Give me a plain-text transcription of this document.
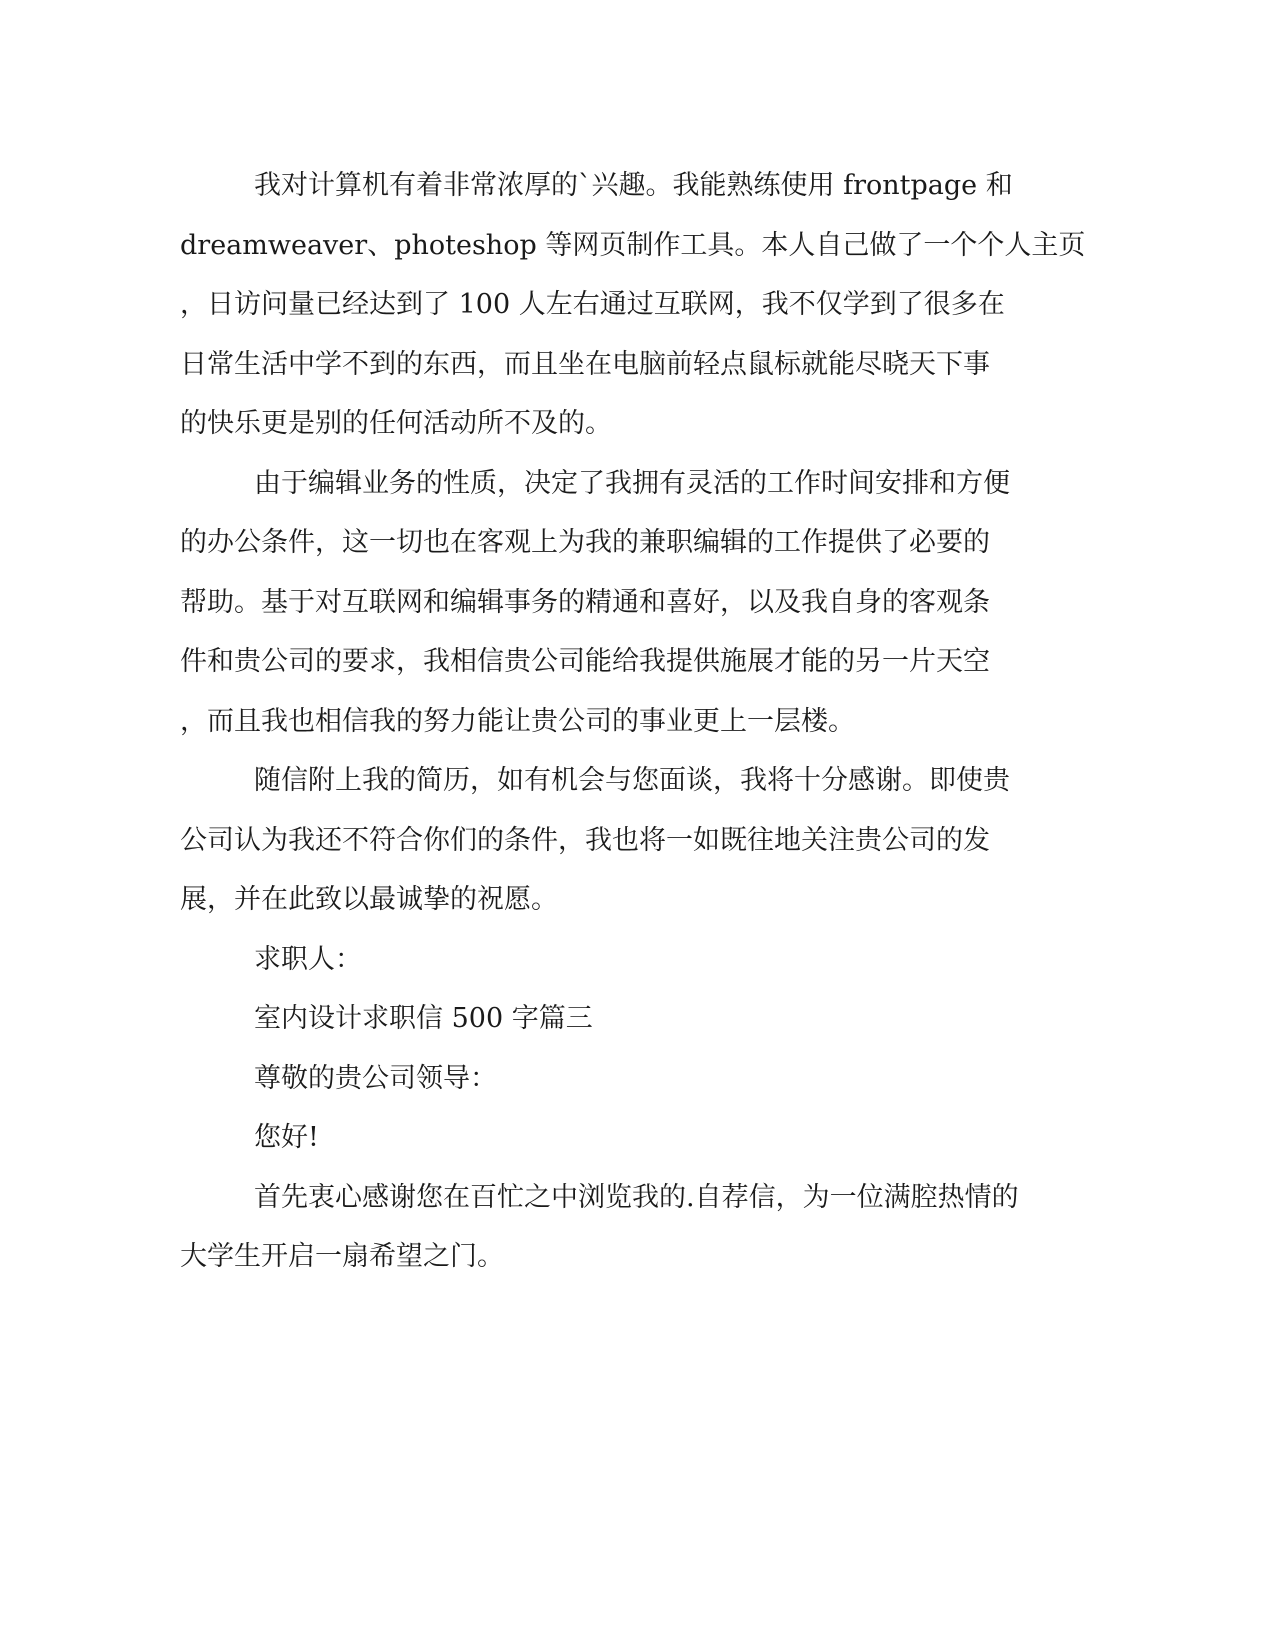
我对计算机有着非常浓厚的`兴趣。我能熟练使用 frontpage 和
dreamweaver、photeshop 等网页制作工具。本人自己做了一个个人主页
，日访问量已经达到了 100 人左右通过互联网，我不仅学到了很多在
日常生活中学不到的东西，而且坐在电脑前轻点鼠标就能尽晓天下事
的快乐更是别的任何活动所不及的。
由于编辑业务的性质，决定了我拥有灵活的工作时间安排和方便
的办公条件，这一切也在客观上为我的兼职编辑的工作提供了必要的
帮助。基于对互联网和编辑事务的精通和喜好，以及我自身的客观条
件和贵公司的要求，我相信贵公司能给我提供施展才能的另一片天空
，而且我也相信我的努力能让贵公司的事业更上一层楼。
随信附上我的简历，如有机会与您面谈，我将十分感谢。即使贵
公司认为我还不符合你们的条件，我也将一如既往地关注贵公司的发
展，并在此致以最诚挚的祝愿。
求职人：
室内设计求职信 500 字篇三
尊敬的贵公司领导：
您好!
首先衷心感谢您在百忙之中浏览我的.自荐信，为一位满腔热情的
大学生开启一扇希望之门。
